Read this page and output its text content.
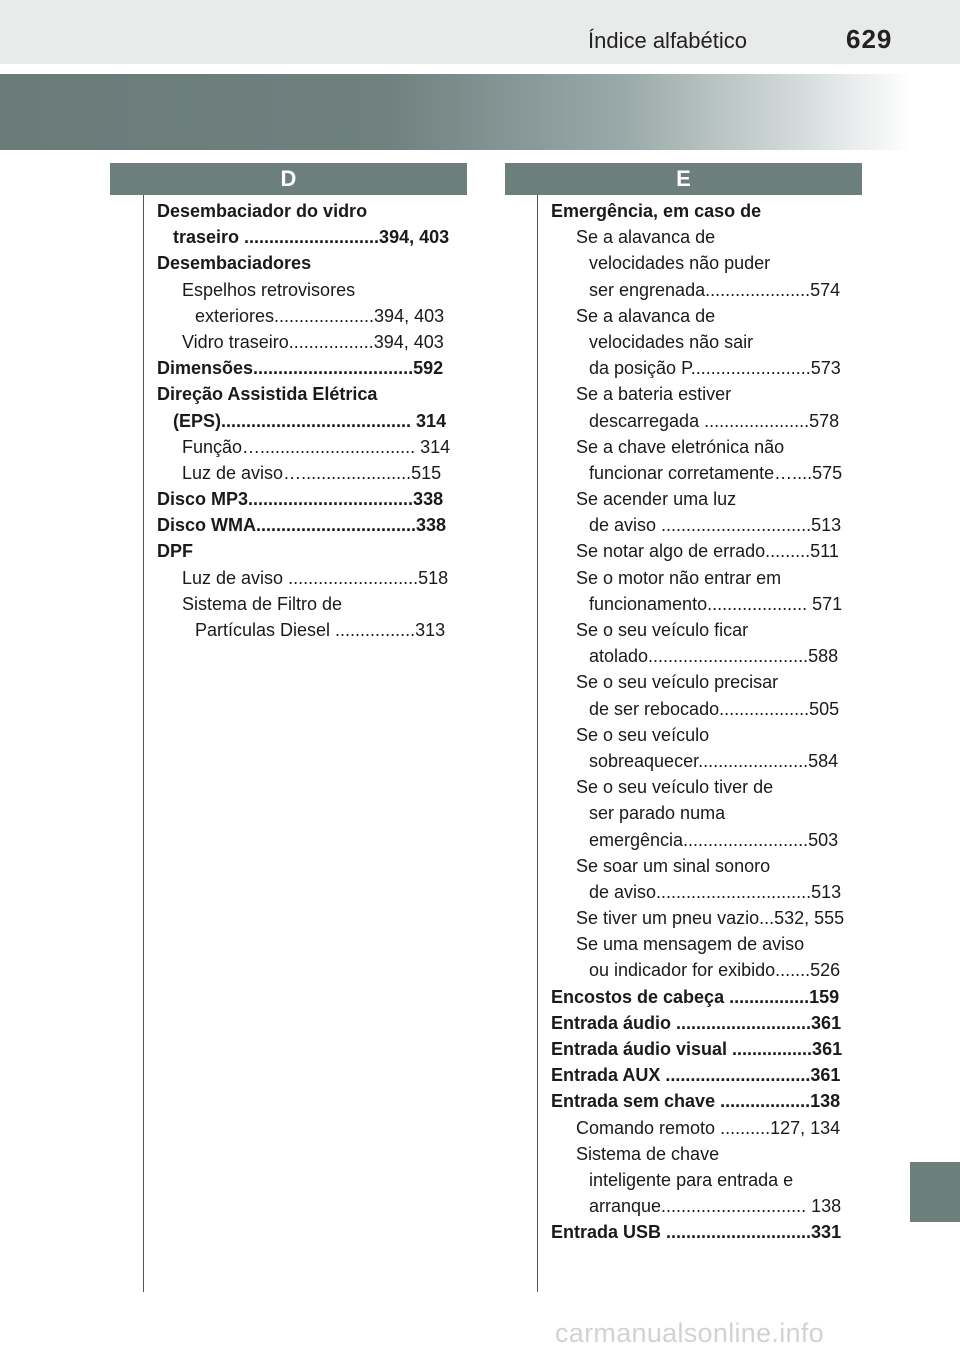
Índice alfabético	629
D	E
Desembaciador do vidro
traseiro ...........................394, 403
Desembaciadores
Espelhos retrovisores
exteriores....................394, 403
Vidro traseiro.................394, 403
Dimensões................................592
Direção Assistida Elétrica
(EPS)...................................... 314
Função…............................... 314
Luz de aviso…......................515
Disco MP3.................................338
Disco WMA................................338
DPF
Luz de aviso ..........................518
Sistema de Filtro de
Partículas Diesel ................313
Emergência, em caso de
Se a alavanca de
velocidades não puder
ser engrenada.....................574
Se a alavanca de
velocidades não sair
da posição P........................573
Se a bateria estiver
descarregada .....................578
Se a chave eletrónica não
funcionar corretamente…....575
Se acender uma luz
de aviso ..............................513
Se notar algo de errado.........511
Se o motor não entrar em
funcionamento.................... 571
Se o seu veículo ficar
atolado................................588
Se o seu veículo precisar
de ser rebocado..................505
Se o seu veículo
sobreaquecer......................584
Se o seu veículo tiver de
ser parado numa
emergência.........................503
Se soar um sinal sonoro
de aviso...............................513
Se tiver um pneu vazio...532, 555
Se uma mensagem de aviso
ou indicador for exibido.......526
Encostos de cabeça ................159
Entrada áudio ...........................361
Entrada áudio visual ................361
Entrada AUX .............................361
Entrada sem chave ..................138
Comando remoto ..........127, 134
Sistema de chave
inteligente para entrada e
arranque............................. 138
Entrada USB .............................331
carmanualsonline.info
